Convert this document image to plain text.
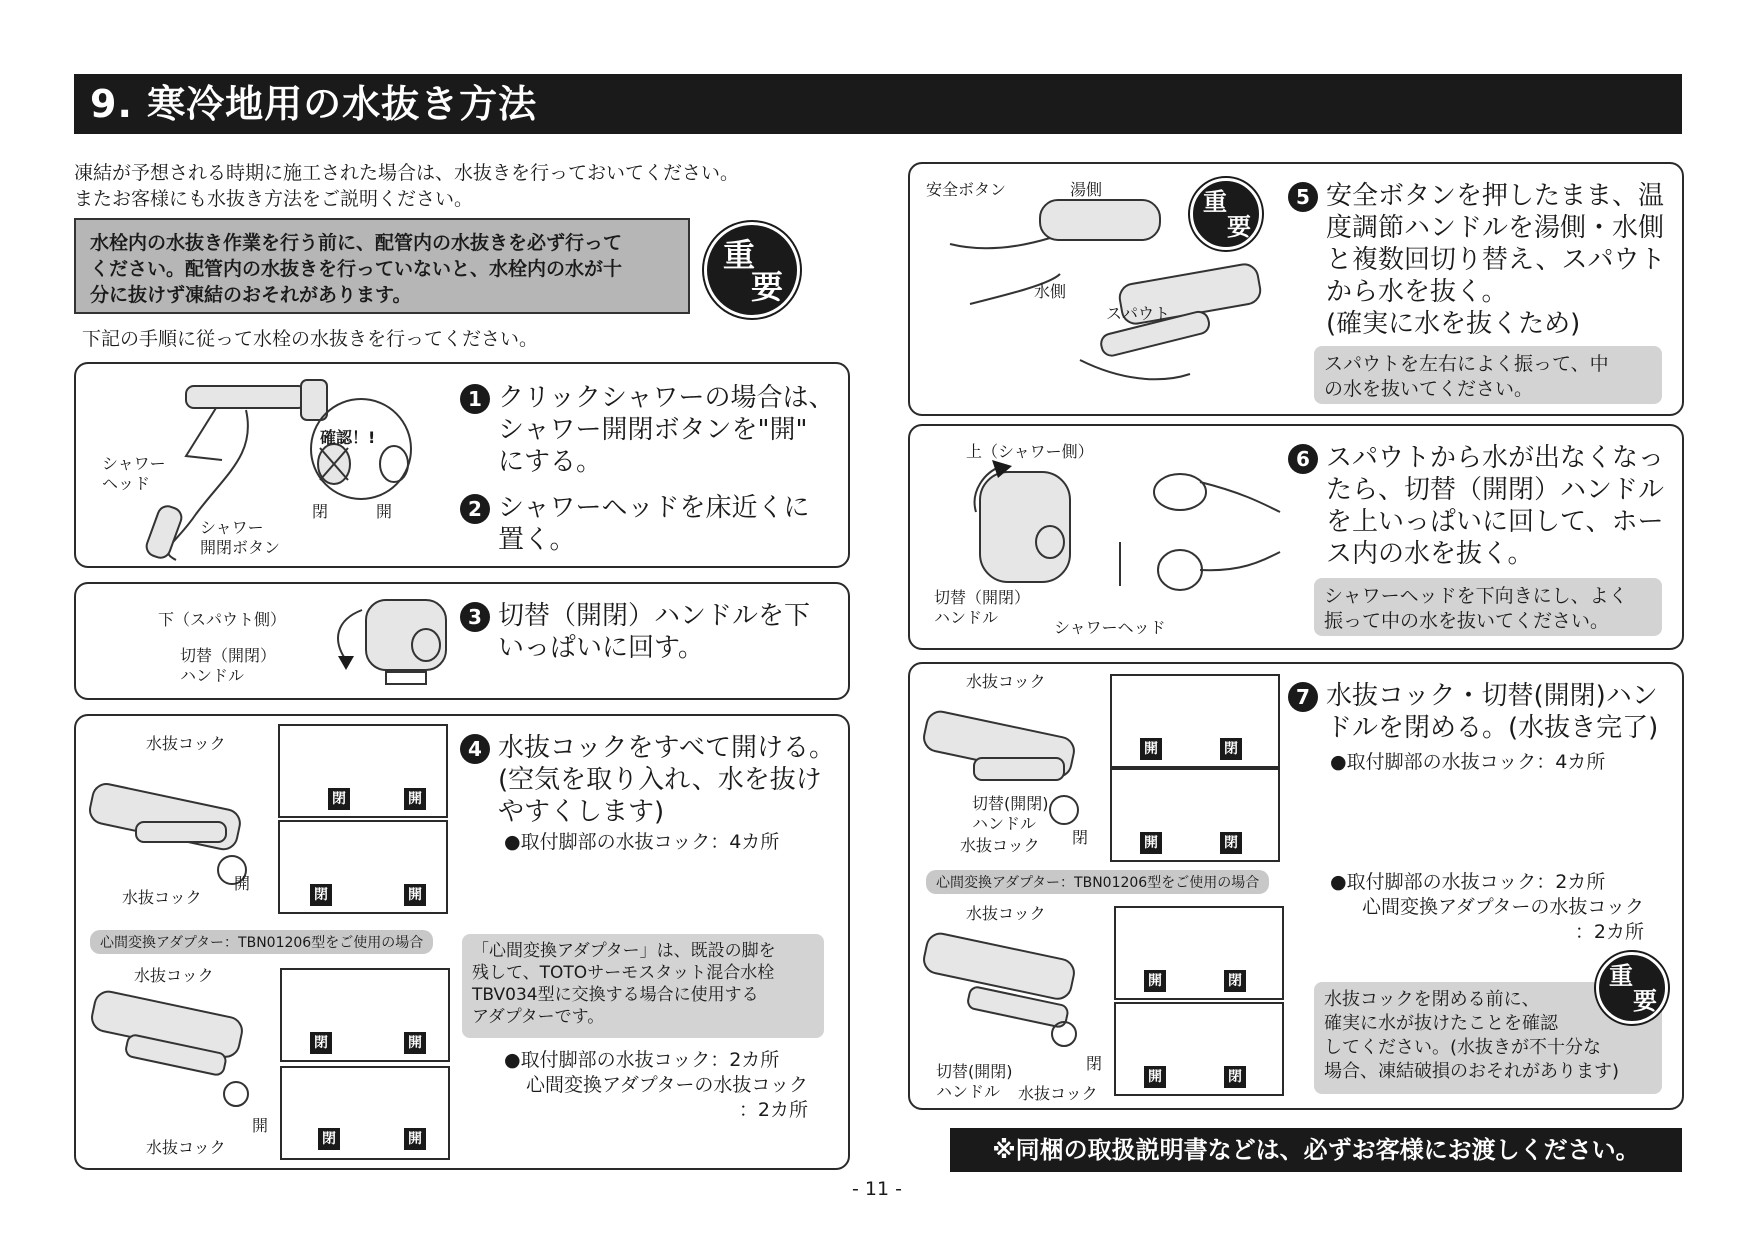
9. 寒冷地用の水抜き方法
凍結が予想される時期に施工された場合は、水抜きを行っておいてください。
またお客様にも水抜き方法をご説明ください。
水栓内の水抜き作業を行う前に、配管内の水抜きを必ず行って
ください。配管内の水抜きを行っていないと、水栓内の水が十
分に抜けず凍結のおそれがあります。
重
要
下記の手順に従って水栓の水抜きを行ってください。
シャワー
ヘッド
シャワー
開閉ボタン
確認！!
閉	開
1 クリックシャワーの場合は、
シャワー開閉ボタンを"開"
にする。
2 シャワーヘッドを床近くに
置く。
下（スパウト側）
切替（開閉）
ハンドル
3 切替（開閉）ハンドルを下
いっぱいに回す。
水抜コック
水抜コック
開
閉	開
閉	開
心間変換アダプター：TBN01206型をご使用の場合
水抜コック
水抜コック
開
閉	開
閉	開
4 水抜コックをすべて開ける。
(空気を取り入れ、水を抜け
やすくします)
●取付脚部の水抜コック：4カ所
「心間変換アダプター」は、既設の脚を
残して、TOTOサーモスタット混合水栓
TBV034型に交換する場合に使用する
アダプターです。
●取付脚部の水抜コック：2カ所
心間変換アダプターの水抜コック
：2カ所
安全ボタン	湯側
水側
スパウト
重
要
5 安全ボタンを押したまま、温
度調節ハンドルを湯側・水側
と複数回切り替え、スパウト
から水を抜く。
(確実に水を抜くため)
スパウトを左右によく振って、中
の水を抜いてください。
上（シャワー側）
切替（開閉）
ハンドル
シャワーヘッド
6 スパウトから水が出なくなっ
たら、切替（開閉）ハンドル
を上いっぱいに回して、ホー
ス内の水を抜く。
シャワーヘッドを下向きにし、よく
振って中の水を抜いてください。
水抜コック
切替(開閉)
ハンドル
水抜コック 閉
開	閉
開	閉
心間変換アダプター：TBN01206型をご使用の場合
水抜コック
切替(開閉)
ハンドル	水抜コック
閉
開	閉
開	閉
7 水抜コック・切替(開閉)ハン
ドルを閉める。(水抜き完了)
●取付脚部の水抜コック：4カ所
●取付脚部の水抜コック：2カ所
心間変換アダプターの水抜コック
：2カ所
水抜コックを閉める前に、
確実に水が抜けたことを確認
してください。(水抜きが不十分な
場合、凍結破損のおそれがあります)
重
要
※同梱の取扱説明書などは、必ずお客様にお渡しください。
- 11 -
